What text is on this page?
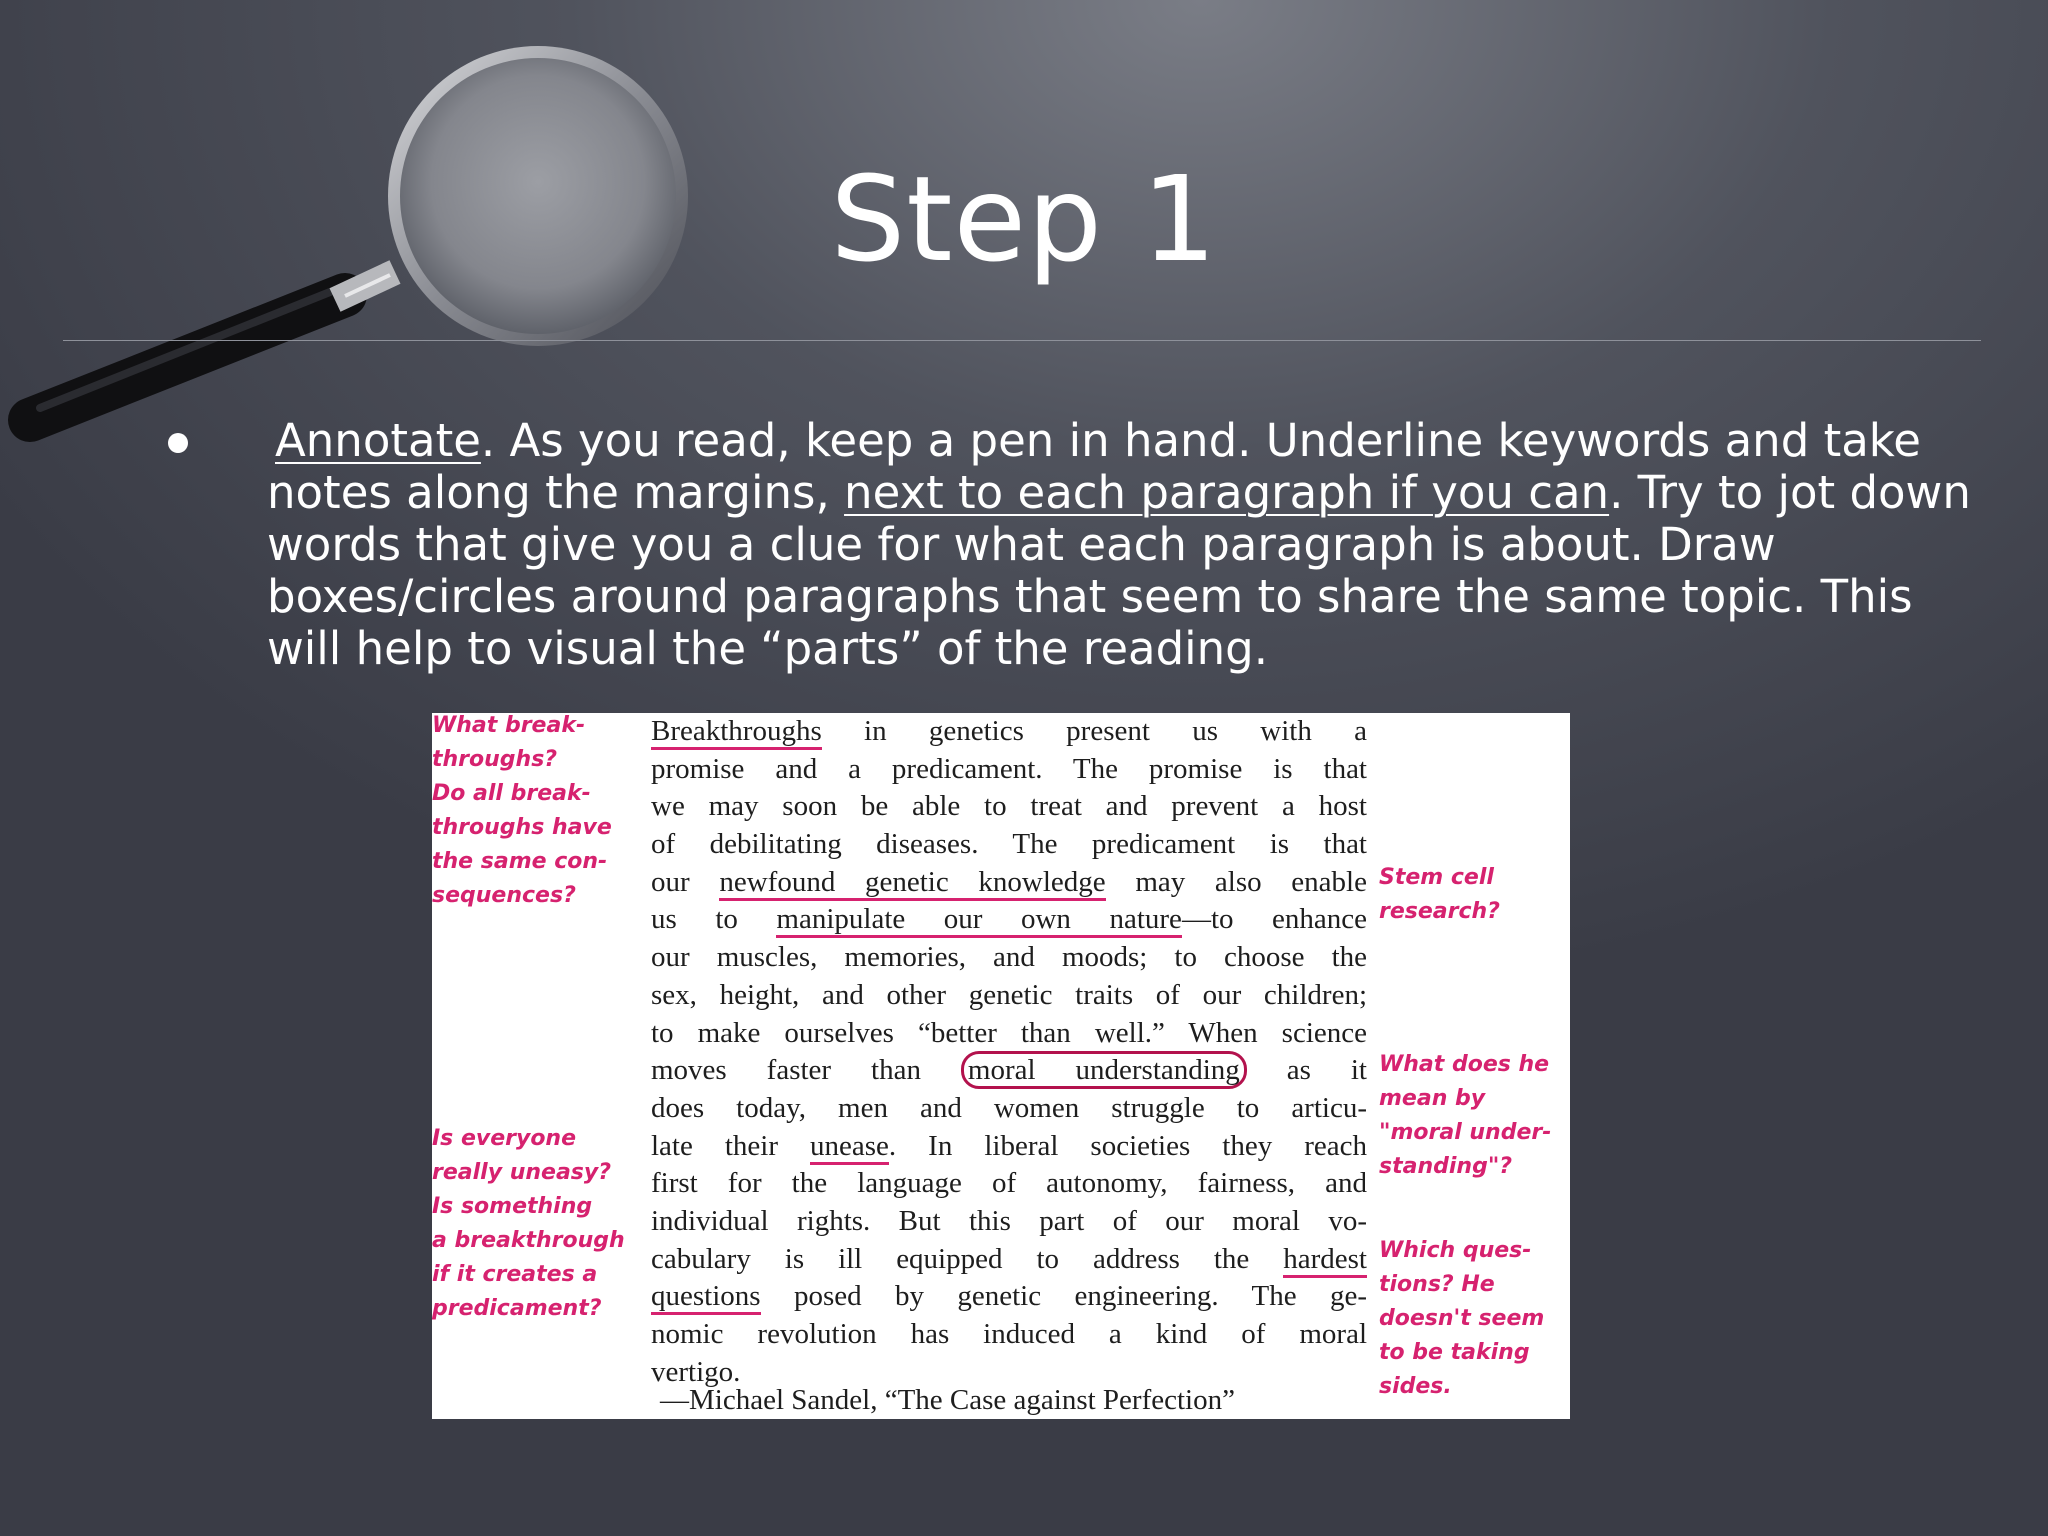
Step 1
Annotate. As you read, keep a pen in hand. Underline keywords and take notes along the margins, next to each paragraph if you can. Try to jot down words that give you a clue for what each paragraph is about. Draw boxes/circles around paragraphs that seem to share the same topic. This will help to visual the “parts” of the reading.
What break-
throughs?
Do all break-
throughs have
the same con-
sequences?
Is everyone
really uneasy?
Is something
a breakthrough
if it creates a
predicament?
Stem cell
research?
What does he
mean by
"moral under-
standing"?
Which ques-
tions? He
doesn't seem
to be taking
sides.
Breakthroughs in genetics present us with a
promise and a predicament. The promise is that
we may soon be able to treat and prevent a host
of debilitating diseases. The predicament is that
our newfound genetic knowledge may also enable
us to manipulate our own nature—to enhance
our muscles, memories, and moods; to choose the
sex, height, and other genetic traits of our children;
to make ourselves “better than well.” When science
moves faster than moral understanding as it
does today, men and women struggle to articu-
late their unease. In liberal societies they reach
first for the language of autonomy, fairness, and
individual rights. But this part of our moral vo-
cabulary is ill equipped to address the hardest
questions posed by genetic engineering. The ge-
nomic revolution has induced a kind of moral
vertigo.
—Michael Sandel, “The Case against Perfection”
